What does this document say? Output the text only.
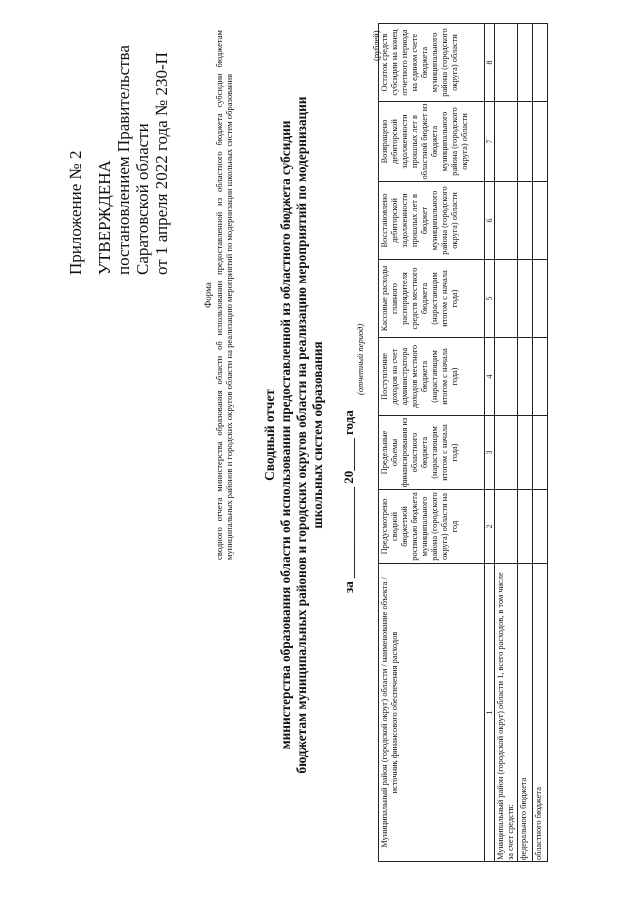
Приложение № 2 УТВЕРЖДЕНА постановлением Правительства Саратовской области от 1 апреля 2022 года № 230-П
Форма сводного отчета министерства образования области об использовании предоставленной из областного бюджета субсидии бюджетам муниципальных районов и городских округов области на реализацию мероприятий по модернизации школьных систем образования Сводный отчет министерства образования области об использовании предоставленной из областного бюджета субсидии бюджетам муниципальных районов и городских округов области на реализацию мероприятий по модернизации школьных систем образования за ______________ 20_____ года
(отчетный период)
(рублей)
Муниципальный район (городской округ) области / наименование объекта / источник финансового обеспечения расходов	Предусмотрено сводной бюджетной росписью бюджета муниципального района (городского округа) области на год	Предельные объемы финансирования из областного бюджета (нарастающим итогом с начала года)	Поступление доходов на счет администратора доходов местного бюджета (нарастающим итогом с начала года)	Кассовые расходы главного распорядителя средств местного бюджета (нарастающим итогом с начала года)	Восстановлено дебиторской задолженности прошлых лет в бюджет муниципального района (городского округа) области	Возвращено дебиторской задолженности прошлых лет в областной бюджет из бюджета муниципального района (городского округа) области	Остаток средств субсидии на конец отчетного периода на едином счете бюджета муниципального района (городского округа) области
1	2	3	4	5	6	7	8
Муниципальный район (городской округ) области 1, всего расходов, в том числе за счет средств:							
федерального бюджета							
областного бюджета							
